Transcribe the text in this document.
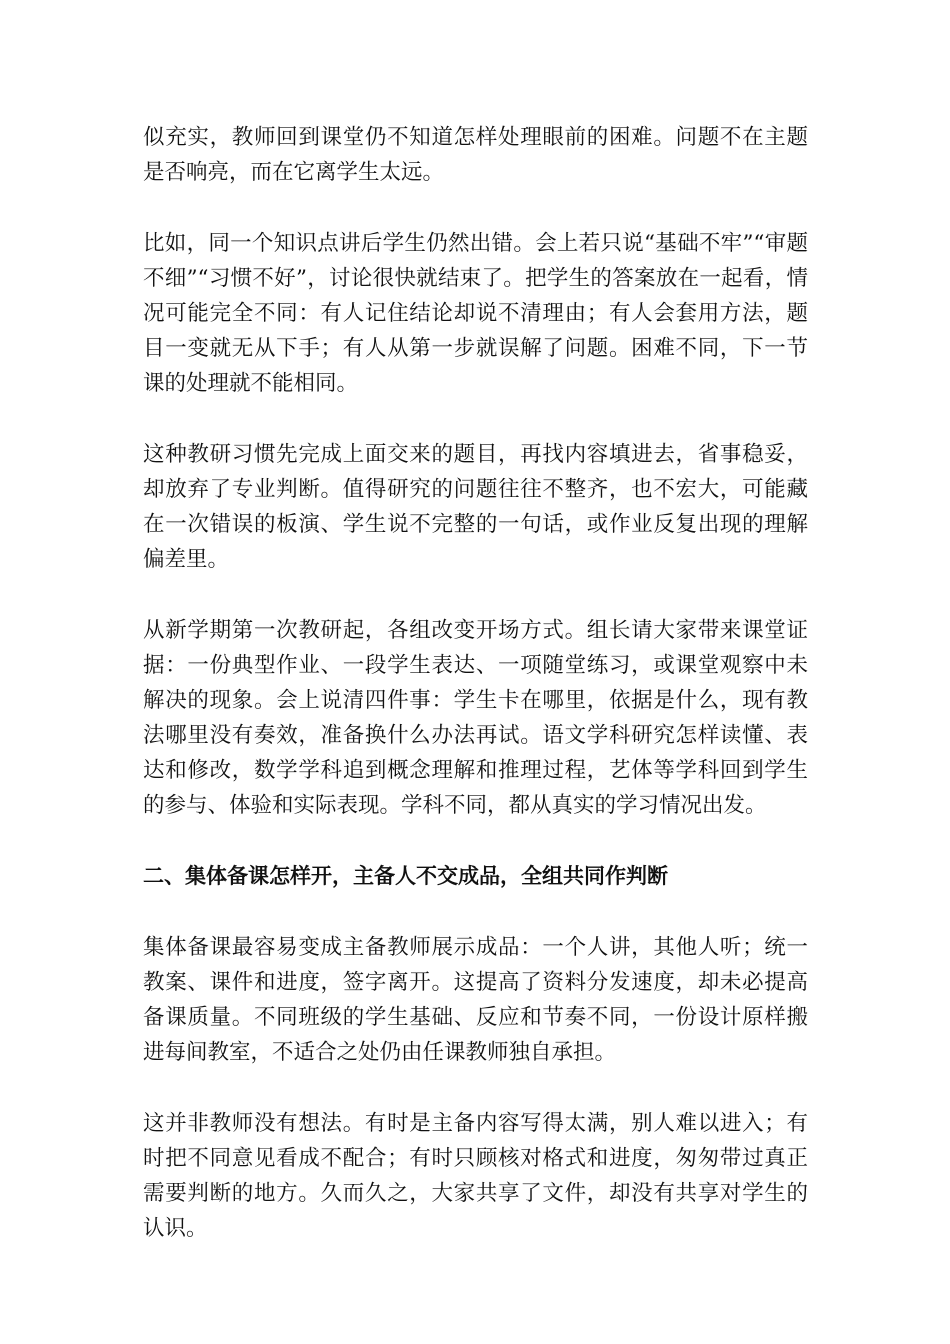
似充实，教师回到课堂仍不知道怎样处理眼前的困难。问题不在主题是否响亮，而在它离学生太远。

比如，同一个知识点讲后学生仍然出错。会上若只说“基础不牢”“审题不细”“习惯不好”，讨论很快就结束了。把学生的答案放在一起看，情况可能完全不同：有人记住结论却说不清理由；有人会套用方法，题目一变就无从下手；有人从第一步就误解了问题。困难不同，下一节课的处理就不能相同。

这种教研习惯先完成上面交来的题目，再找内容填进去，省事稳妥，却放弃了专业判断。值得研究的问题往往不整齐，也不宏大，可能藏在一次错误的板演、学生说不完整的一句话，或作业反复出现的理解偏差里。

从新学期第一次教研起，各组改变开场方式。组长请大家带来课堂证据：一份典型作业、一段学生表达、一项随堂练习，或课堂观察中未解决的现象。会上说清四件事：学生卡在哪里，依据是什么，现有教法哪里没有奏效，准备换什么办法再试。语文学科研究怎样读懂、表达和修改，数学学科追到概念理解和推理过程，艺体等学科回到学生的参与、体验和实际表现。学科不同，都从真实的学习情况出发。

二、集体备课怎样开，主备人不交成品，全组共同作判断

集体备课最容易变成主备教师展示成品：一个人讲，其他人听；统一教案、课件和进度，签字离开。这提高了资料分发速度，却未必提高备课质量。不同班级的学生基础、反应和节奏不同，一份设计原样搬进每间教室，不适合之处仍由任课教师独自承担。

这并非教师没有想法。有时是主备内容写得太满，别人难以进入；有时把不同意见看成不配合；有时只顾核对格式和进度，匆匆带过真正需要判断的地方。久而久之，大家共享了文件，却没有共享对学生的认识。
